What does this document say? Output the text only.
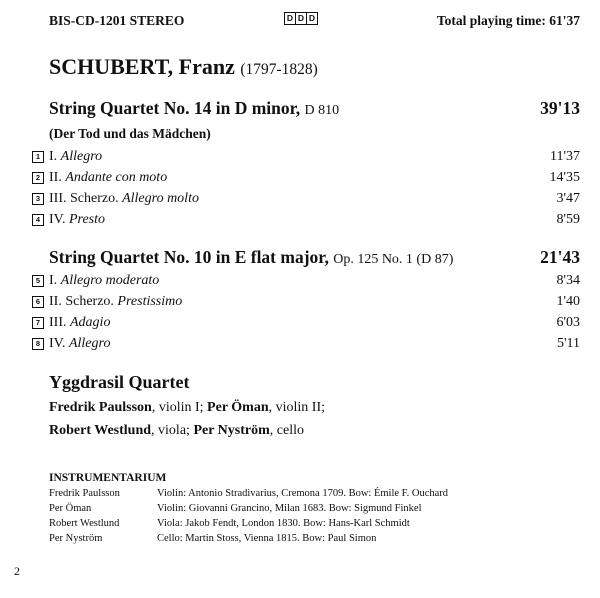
BIS-CD-1201 STEREO	D D D	Total playing time: 61'37
SCHUBERT, Franz (1797-1828)
String Quartet No. 14 in D minor, D 810	39'13
(Der Tod und das Mädchen)
1 I. Allegro	11'37
2 II. Andante con moto	14'35
3 III. Scherzo. Allegro molto	3'47
4 IV. Presto	8'59
String Quartet No. 10 in E flat major, Op. 125 No. 1 (D 87)	21'43
5 I. Allegro moderato	8'34
6 II. Scherzo. Prestissimo	1'40
7 III. Adagio	6'03
8 IV. Allegro	5'11
Yggdrasil Quartet
Fredrik Paulsson, violin I; Per Öman, violin II;
Robert Westlund, viola; Per Nyström, cello
INSTRUMENTARIUM
Fredrik Paulsson	Violin: Antonio Stradivarius, Cremona 1709. Bow: Émile F. Ouchard
Per Öman	Violin: Giovanni Grancino, Milan 1683. Bow: Sigmund Finkel
Robert Westlund	Viola: Jakob Fendt, London 1830. Bow: Hans-Karl Schmidt
Per Nyström	Cello: Martin Stoss, Vienna 1815. Bow: Paul Simon
2
